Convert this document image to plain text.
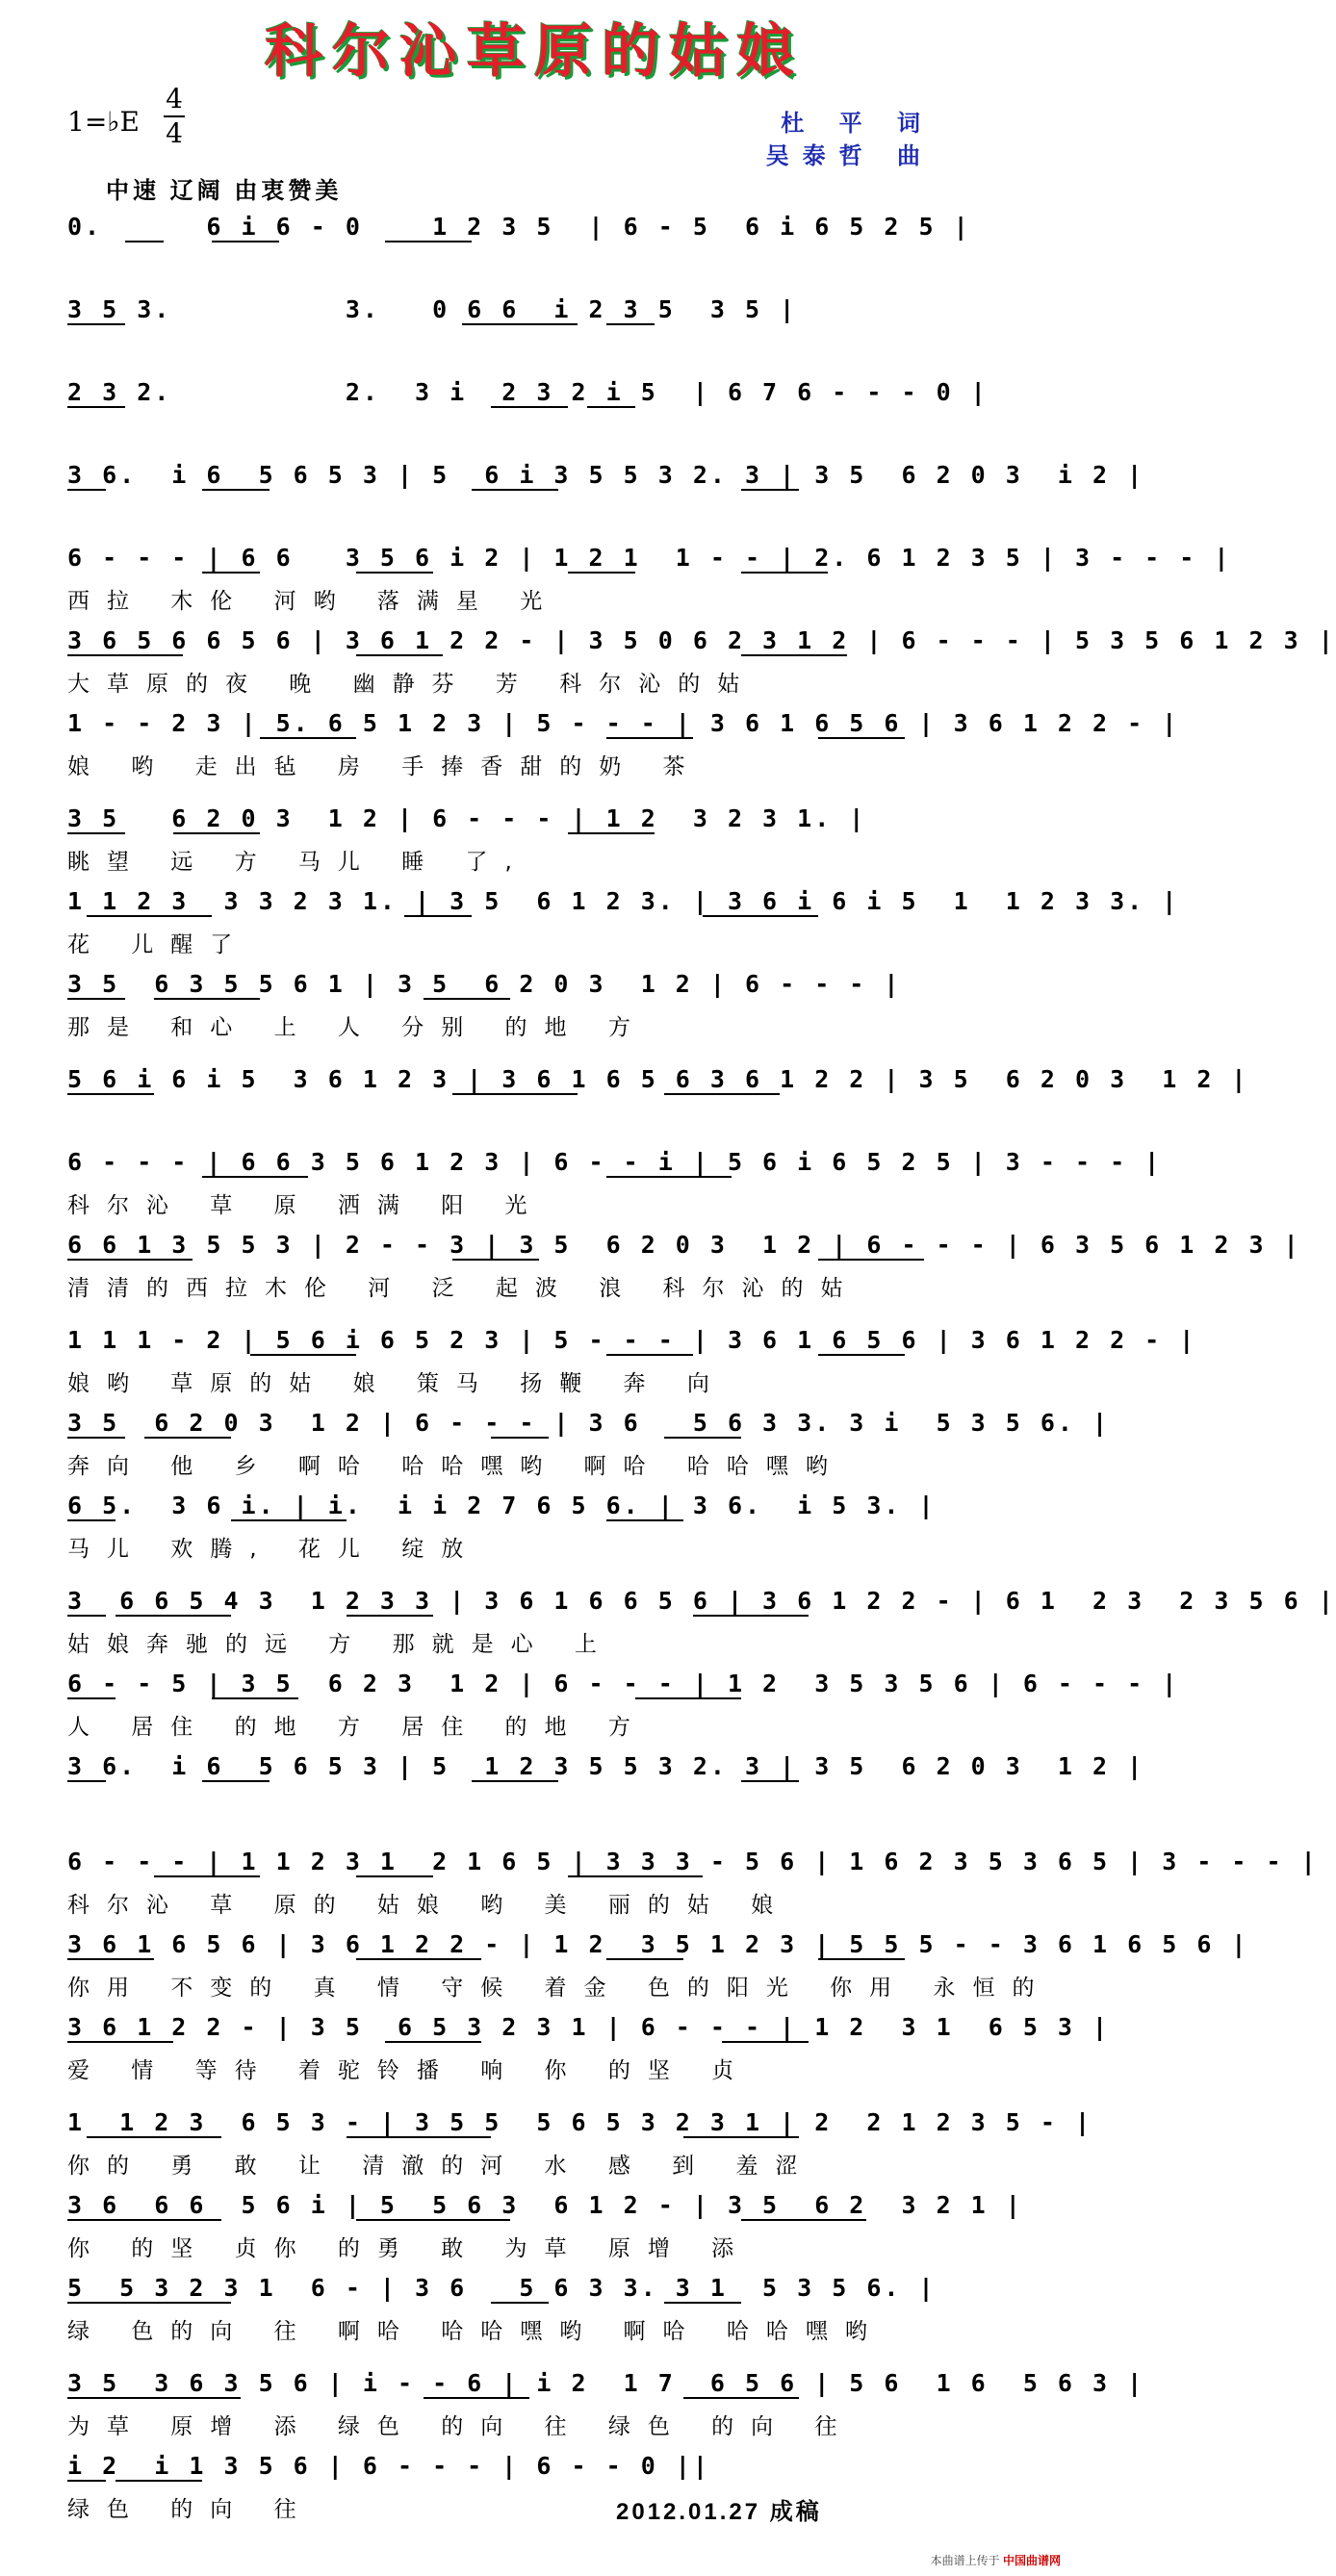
科尔沁草原的姑娘
1=♭E
4
4	杜 平 词
吴泰哲 曲
中速 辽阔 由衷赞美
0.      6 i 6 - 0    1 2 3 5  | 6 - 5  6 i 6 5 2 5 |
3 5 3.          3.   0 6 6  i 2 3 5  3 5 |
2 3 2.          2.  3 i  2 3 2 i 5  | 6 7 6 - - - 0 |
3 6.  i 6  5 6 5 3 | 5  6 i 3 5 5 3 2. 3 | 3 5  6 2 0 3  i 2 |
6 - - - | 6 6   3 5 6 i 2 | 1 2 1  1 - - | 2. 6 1 2 3 5 | 3 - - - |
西拉 木伦 河哟 落满星 光
3 6 5 6 6 5 6 | 3 6 1 2 2 - | 3 5 0 6 2 3 1 2 | 6 - - - | 5 3 5 6 1 2 3 |
大草原的夜 晚 幽静芬 芳 科尔沁的姑
1 - - 2 3 | 5. 6 5 1 2 3 | 5 - - - | 3 6 1 6 5 6 | 3 6 1 2 2 - |
娘 哟 走出毡 房 手捧香甜的奶 茶
3 5   6 2 0 3  1 2 | 6 - - - | 1 2  3 2 3 1. |
眺望 远 方 马儿 睡 了,
1 1 2 3  3 3 2 3 1. | 3 5  6 1 2 3. | 3 6 i 6 i 5  1  1 2 3 3. |
花 儿醒了
3 5  6 3 5 5 6 1 | 3 5  6 2 0 3  1 2 | 6 - - - |
那是 和心 上 人 分别 的地 方
5 6 i 6 i 5  3 6 1 2 3 | 3 6 1 6 5 6 3 6 1 2 2 | 3 5  6 2 0 3  1 2 |
6 - - - | 6 6 3 5 6 1 2 3 | 6 - - i | 5 6 i 6 5 2 5 | 3 - - - |
科尔沁 草 原 洒满 阳 光
6 6 1 3 5 5 3 | 2 - - 3 | 3 5  6 2 0 3  1 2 | 6 - - - | 6 3 5 6 1 2 3 |
清清的西拉木伦 河 泛 起波 浪 科尔沁的姑
1 1 1 - 2 | 5 6 i 6 5 2 3 | 5 - - - | 3 6 1 6 5 6 | 3 6 1 2 2 - |
娘哟 草原的姑 娘 策马 扬鞭 奔 向
3 5  6 2 0 3  1 2 | 6 - - - | 3 6   5 6 3 3. 3 i  5 3 5 6. |
奔向 他 乡 啊哈 哈哈嘿哟 啊哈 哈哈嘿哟
6 5.  3 6 i. | i.  i i 2 7 6 5 6. | 3 6.  i 5 3. |
马儿 欢腾, 花儿 绽放
3  6 6 5 4 3  1 2 3 3 | 3 6 1 6 6 5 6 | 3 6 1 2 2 - | 6 1  2 3  2 3 5 6 |
姑娘奔驰的远 方 那就是心 上
6 - - 5 | 3 5  6 2 3  1 2 | 6 - - - | 1 2  3 5 3 5 6 | 6 - - - |
人 居住 的地 方 居住 的地 方
3 6.  i 6  5 6 5 3 | 5  1 2 3 5 5 3 2. 3 | 3 5  6 2 0 3  1 2 |
6 - - - | 1 1 2 3 1  2 1 6 5 | 3 3 3 - 5 6 | 1 6 2 3 5 3 6 5 | 3 - - - |
科尔沁 草 原的 姑娘 哟 美 丽的姑 娘
3 6 1 6 5 6 | 3 6 1 2 2 - | 1 2  3 5 1 2 3 | 5 5 5 - - 3 6 1 6 5 6 |
你用 不变的 真 情 守候 着金 色的阳光 你用 永恒的
3 6 1 2 2 - | 3 5  6 5 3 2 3 1 | 6 - - - | 1 2  3 1  6 5 3 |
爱 情 等待 着驼铃播 响 你 的坚 贞
1  1 2 3  6 5 3 - | 3 5 5  5 6 5 3 2 3 1 | 2  2 1 2 3 5 - |
你的 勇 敢 让 清澈的河 水 感 到 羞涩
3 6  6 6  5 6 i | 5  5 6 3  6 1 2 - | 3 5  6 2  3 2 1 |
你 的坚 贞你 的勇 敢 为草 原增 添
5  5 3 2 3 1  6 - | 3 6   5 6 3 3. 3 1  5 3 5 6. |
绿 色的向 往 啊哈 哈哈嘿哟 啊哈 哈哈嘿哟
3 5  3 6 3 5 6 | i - - 6 | i 2  1 7  6 5 6 | 5 6  1 6  5 6 3 |
为草 原增 添 绿色 的向 往 绿色 的向 往
i 2  i 1 3 5 6 | 6 - - - | 6 - - 0 ||
绿色 的向 往	2012.01.27 成稿
本曲谱上传于 中国曲谱网
